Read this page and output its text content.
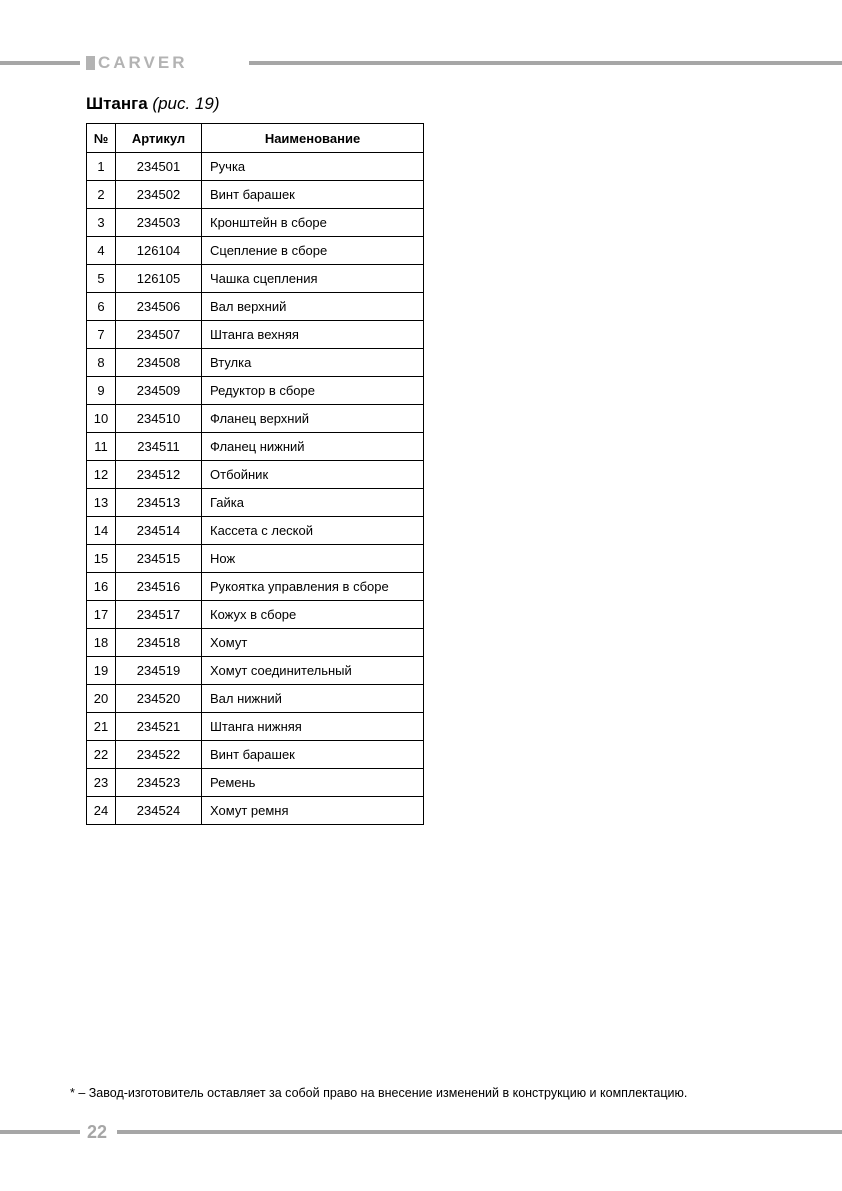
CARVER
Штанга (рис. 19)
№	Артикул	Наименование
1	234501	Ручка
2	234502	Винт барашек
3	234503	Кронштейн в сборе
4	126104	Сцепление в сборе
5	126105	Чашка сцепления
6	234506	Вал верхний
7	234507	Штанга вехняя
8	234508	Втулка
9	234509	Редуктор в сборе
10	234510	Фланец верхний
11	234511	Фланец нижний
12	234512	Отбойник
13	234513	Гайка
14	234514	Кассета с леской
15	234515	Нож
16	234516	Рукоятка управления в сборе
17	234517	Кожух в сборе
18	234518	Хомут
19	234519	Хомут соединительный
20	234520	Вал нижний
21	234521	Штанга нижняя
22	234522	Винт барашек
23	234523	Ремень
24	234524	Хомут ремня
* – Завод-изготовитель оставляет за собой право на внесение изменений в конструкцию и комплектацию.
22
